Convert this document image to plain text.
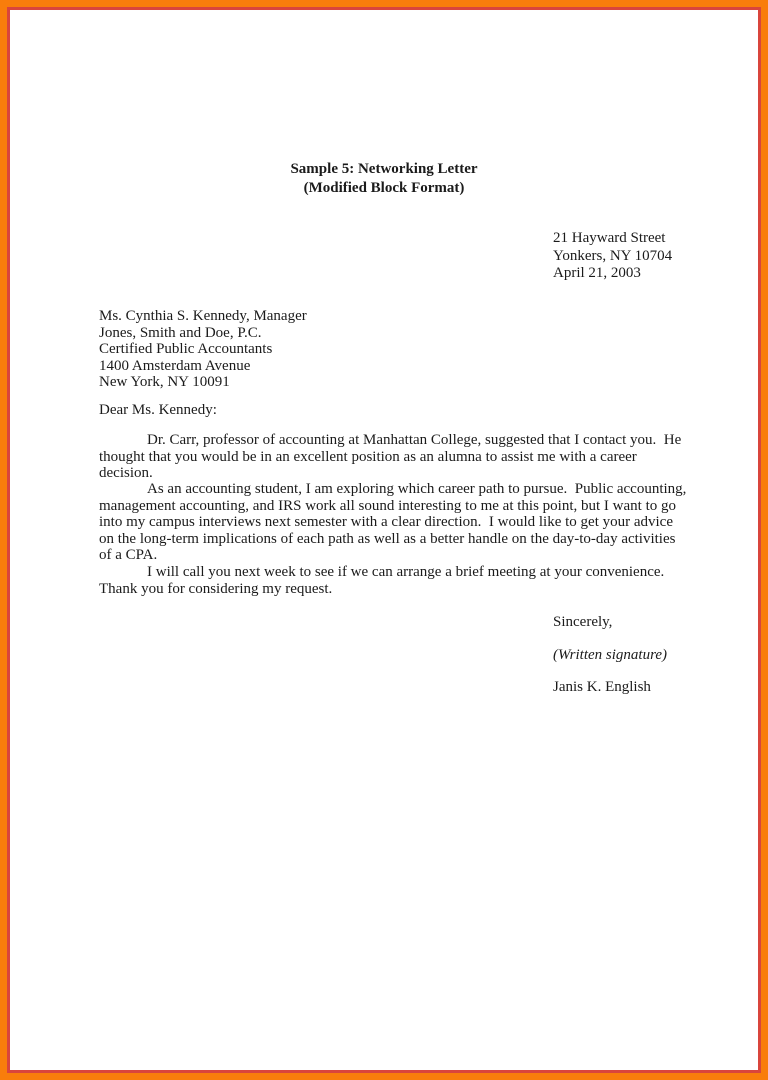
Sample 5: Networking Letter
(Modified Block Format)
21 Hayward Street
Yonkers, NY 10704
April 21, 2003
Ms. Cynthia S. Kennedy, Manager
Jones, Smith and Doe, P.C.
Certified Public Accountants
1400 Amsterdam Avenue
New York, NY 10091
Dear Ms. Kennedy:
Dr. Carr, professor of accounting at Manhattan College, suggested that I contact you.  He thought that you would be in an excellent position as an alumna to assist me with a career decision.
As an accounting student, I am exploring which career path to pursue.  Public accounting, management accounting, and IRS work all sound interesting to me at this point, but I want to go into my campus interviews next semester with a clear direction.  I would like to get your advice on the long-term implications of each path as well as a better handle on the day-to-day activities of a CPA.
I will call you next week to see if we can arrange a brief meeting at your convenience.  Thank you for considering my request.
Sincerely,
(Written signature)
Janis K. English
